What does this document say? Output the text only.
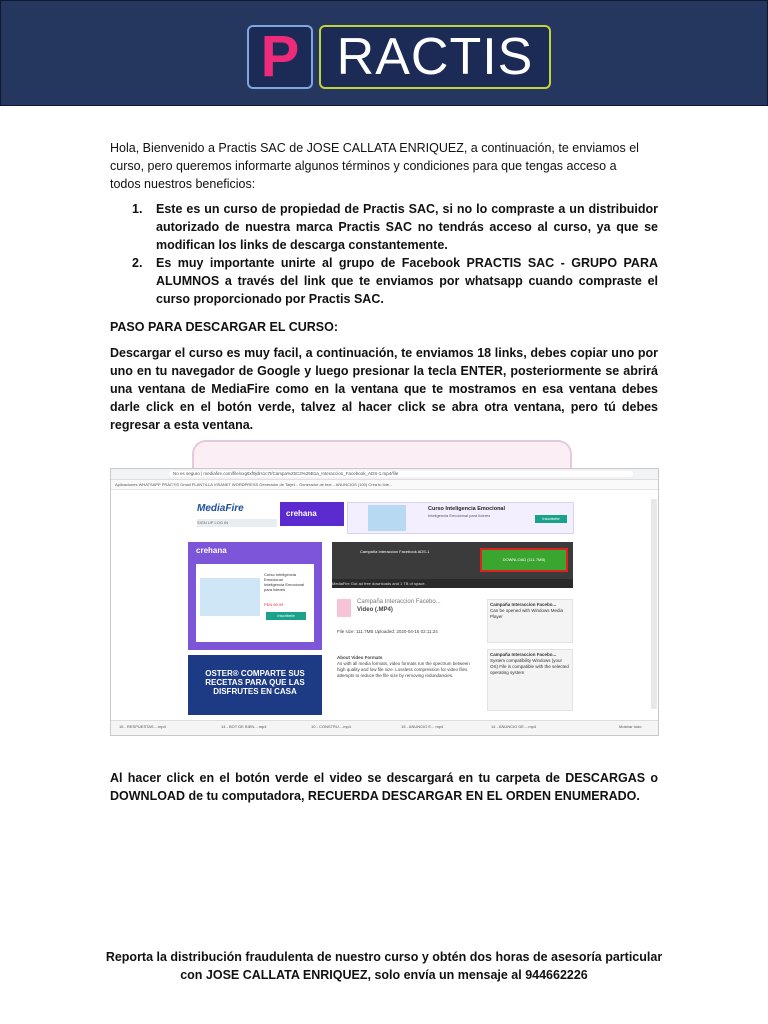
P RACTIS
Hola, Bienvenido a Practis SAC de JOSE CALLATA ENRIQUEZ, a continuación, te enviamos el curso, pero queremos informarte algunos términos y condiciones para que tengas acceso a todos nuestros beneficios:
1. Este es un curso de propiedad de Practis SAC, si no lo compraste a un distribuidor autorizado de nuestra marca Practis SAC no tendrás acceso al curso, ya que se modifican los links de descarga constantemente.
2. Es muy importante unirte al grupo de Facebook PRACTIS SAC - GRUPO PARA ALUMNOS a través del link que te enviamos por whatsapp cuando compraste el curso proporcionado por Practis SAC.
PASO PARA DESCARGAR EL CURSO:
Descargar el curso es muy facil, a continuación, te enviamos 18 links, debes copiar uno por uno en tu navegador de Google y luego presionar la tecla ENTER, posteriormente se abrirá una ventana de MediaFire como en la ventana que te mostramos en esa ventana debes darle click en el botón verde, talvez al hacer click se abra otra ventana, pero tú debes regresar a esta ventana.
No es seguro | mediafire.com/file/xxg6xf9jdrs1c7t/Campa%25C3%25B1a_Interaccion_Facebook_ADS-1.mp4/file
Aplicaciones WHATSAPP PRACTIS Gmail PLANTILLA VISANET WORDPRESS Generador de Tarjet... Generador de text... ANUNCIOS (100) Crea tu líde...
MediaFire
SIGN UP LOG IN
crehana	Curso Inteligencia Emocional
Inteligencia Emocional para líderes
Inscribete
crehana
Curso Inteligencia Emocional
Inteligencia Emocional para líderes
PEN 69.99
Inscribete
Campaña Interaccion Facebook ADS-1
DOWNLOAD (111.7MB)
MediaFire Got ad free downloads and 1 TB of space.
Campaña Interaccion Facebo...
Video (.MP4)
File size: 111.7MB Uploaded: 2020-04-16 02:11:24
About Video Formats
As with all media formats, video formats run the spectrum between high quality and low file size. Lossless compression for video files attempts to reduce the file size by removing redundancies.
Campaña Interaccion Facebo...
Can be opened with Windows Media Player
Campaña Interaccion Facebo...
System compatibility Windows (your OS) File is compatible with the selected operating system
OSTER® COMPARTE SUS RECETAS PARA QUE LAS DISFRUTES EN CASA
15 - RESPUESTAS....mp4	14 - BOT DE BIEN....mp4	10 - CONSTRU....mp4	15 - ANUNCIO E....mp4	14 - ANUNCIO DE....mp4	Mostrar todo
Al hacer click en el botón verde el video se descargará en tu carpeta de DESCARGAS o DOWNLOAD de tu computadora, RECUERDA DESCARGAR EN EL ORDEN ENUMERADO.
Reporta la distribución fraudulenta de nuestro curso y obtén dos horas de asesoría particular con JOSE CALLATA ENRIQUEZ, solo envía un mensaje al 944662226
